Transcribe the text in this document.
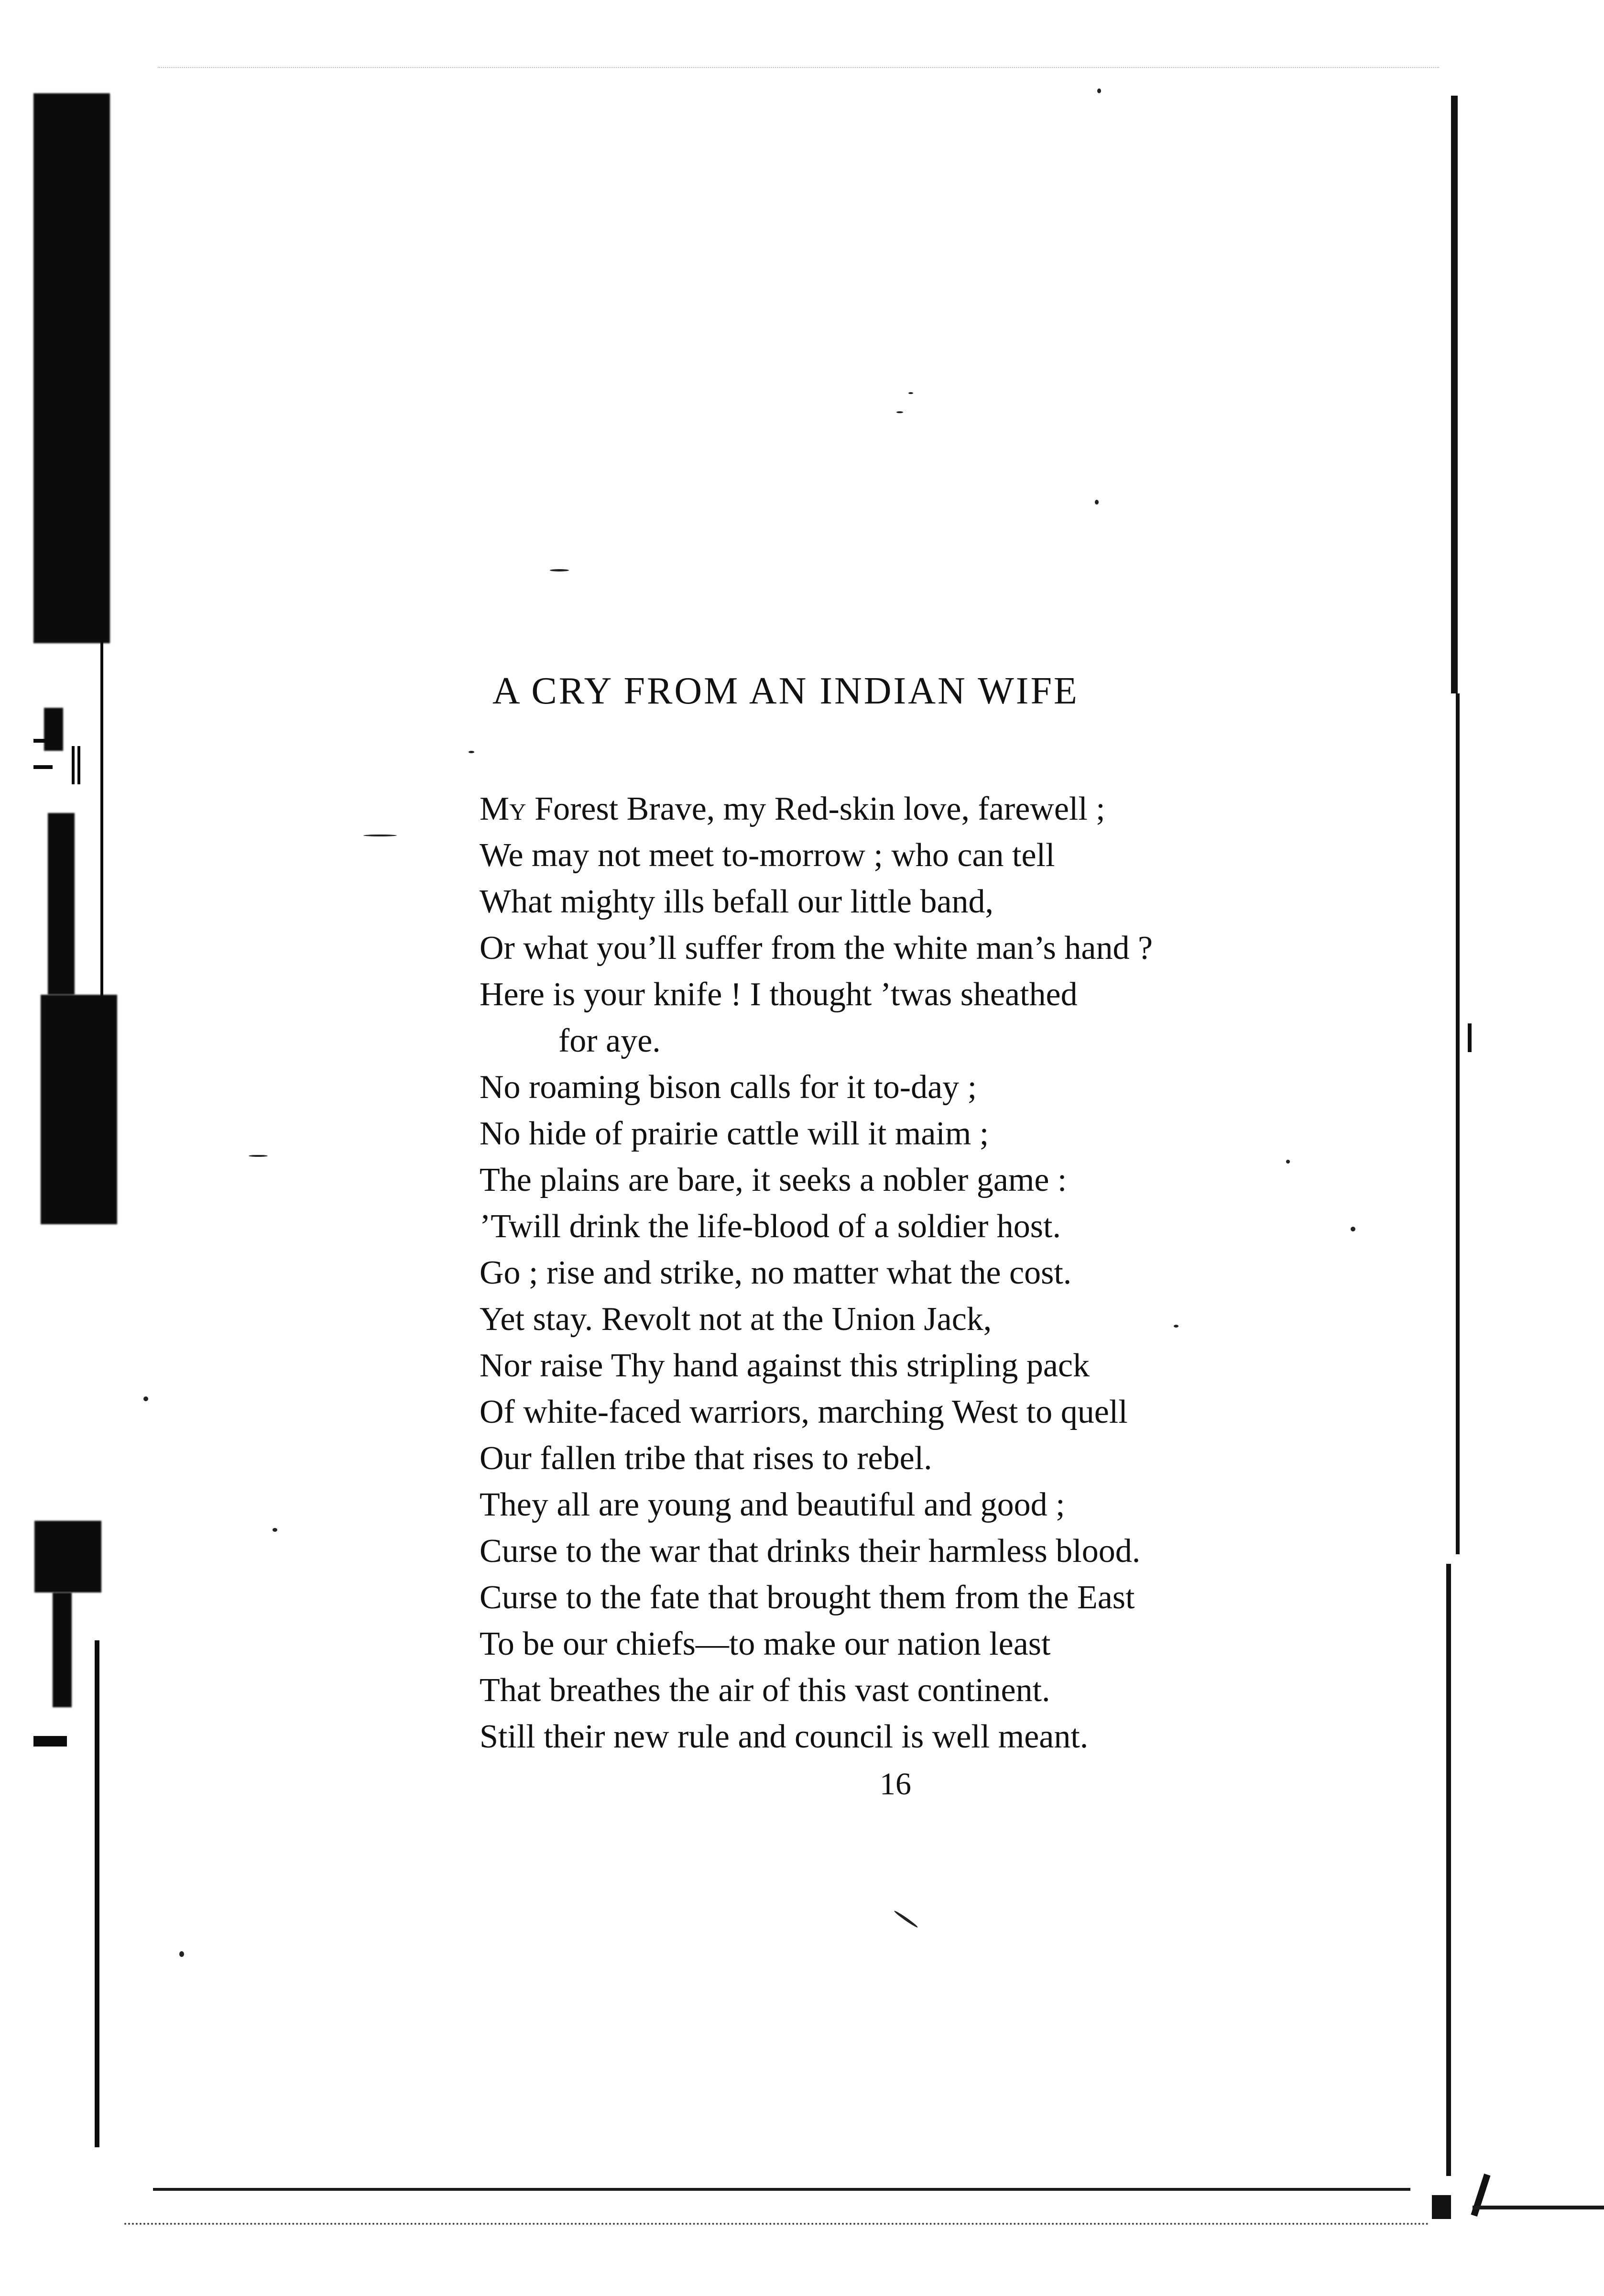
A CRY FROM AN INDIAN WIFE
My Forest Brave, my Red-skin love, farewell ;
We may not meet to-morrow ; who can tell
What mighty ills befall our little band,
Or what you’ll suffer from the white man’s hand ?
Here is your knife ! I thought ’twas sheathed
for aye.
No roaming bison calls for it to-day ;
No hide of prairie cattle will it maim ;
The plains are bare, it seeks a nobler game :
’Twill drink the life-blood of a soldier host.
Go ; rise and strike, no matter what the cost.
Yet stay. Revolt not at the Union Jack,
Nor raise Thy hand against this stripling pack
Of white-faced warriors, marching West to quell
Our fallen tribe that rises to rebel.
They all are young and beautiful and good ;
Curse to the war that drinks their harmless blood.
Curse to the fate that brought them from the East
To be our chiefs—to make our nation least
That breathes the air of this vast continent.
Still their new rule and council is well meant.
16
